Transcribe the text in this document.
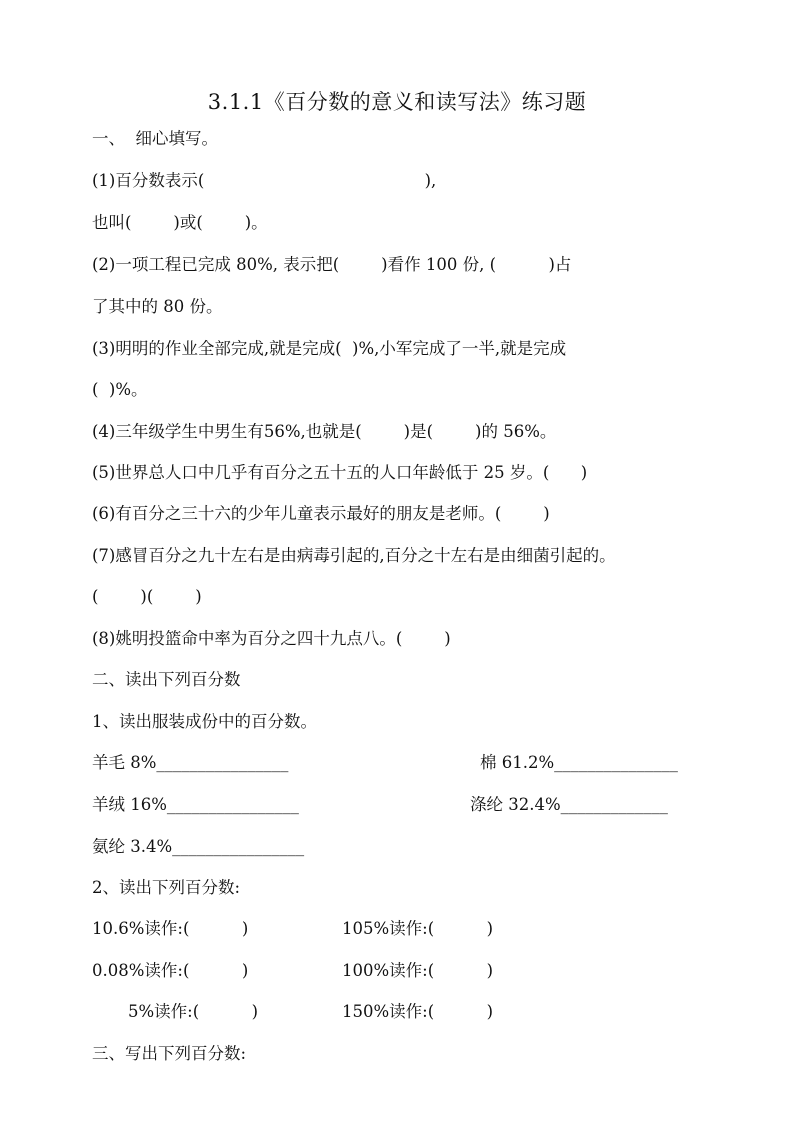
3.1.1《百分数的意义和读写法》练习题
一、  细心填写。
(1)百分数表示(                                          ),
也叫(        )或(        )。
(2)一项工程已完成 80%, 表示把(        )看作 100 份, (          )占
了其中的 80 份。
(3)明明的作业全部完成,就是完成(  )%,小军完成了一半,就是完成
(  )%。
(4)三年级学生中男生有56%,也就是(        )是(        )的 56%。
(5)世界总人口中几乎有百分之五十五的人口年龄低于 25 岁。(      )
(6)有百分之三十六的少年儿童表示最好的朋友是老师。(        )
(7)感冒百分之九十左右是由病毒引起的,百分之十左右是由细菌引起的。
(        )(        )
(8)姚明投篮命中率为百分之四十九点八。(        )
二、读出下列百分数
1、读出服装成份中的百分数。
羊毛 8%________________	棉 61.2%_______________
羊绒 16%________________	涤纶 32.4%_____________
氨纶 3.4%________________
2、读出下列百分数:
10.6%读作:(          )	105%读作:(          )
0.08%读作:(          )	100%读作:(          )
5%读作:(          )	150%读作:(          )
三、写出下列百分数:
